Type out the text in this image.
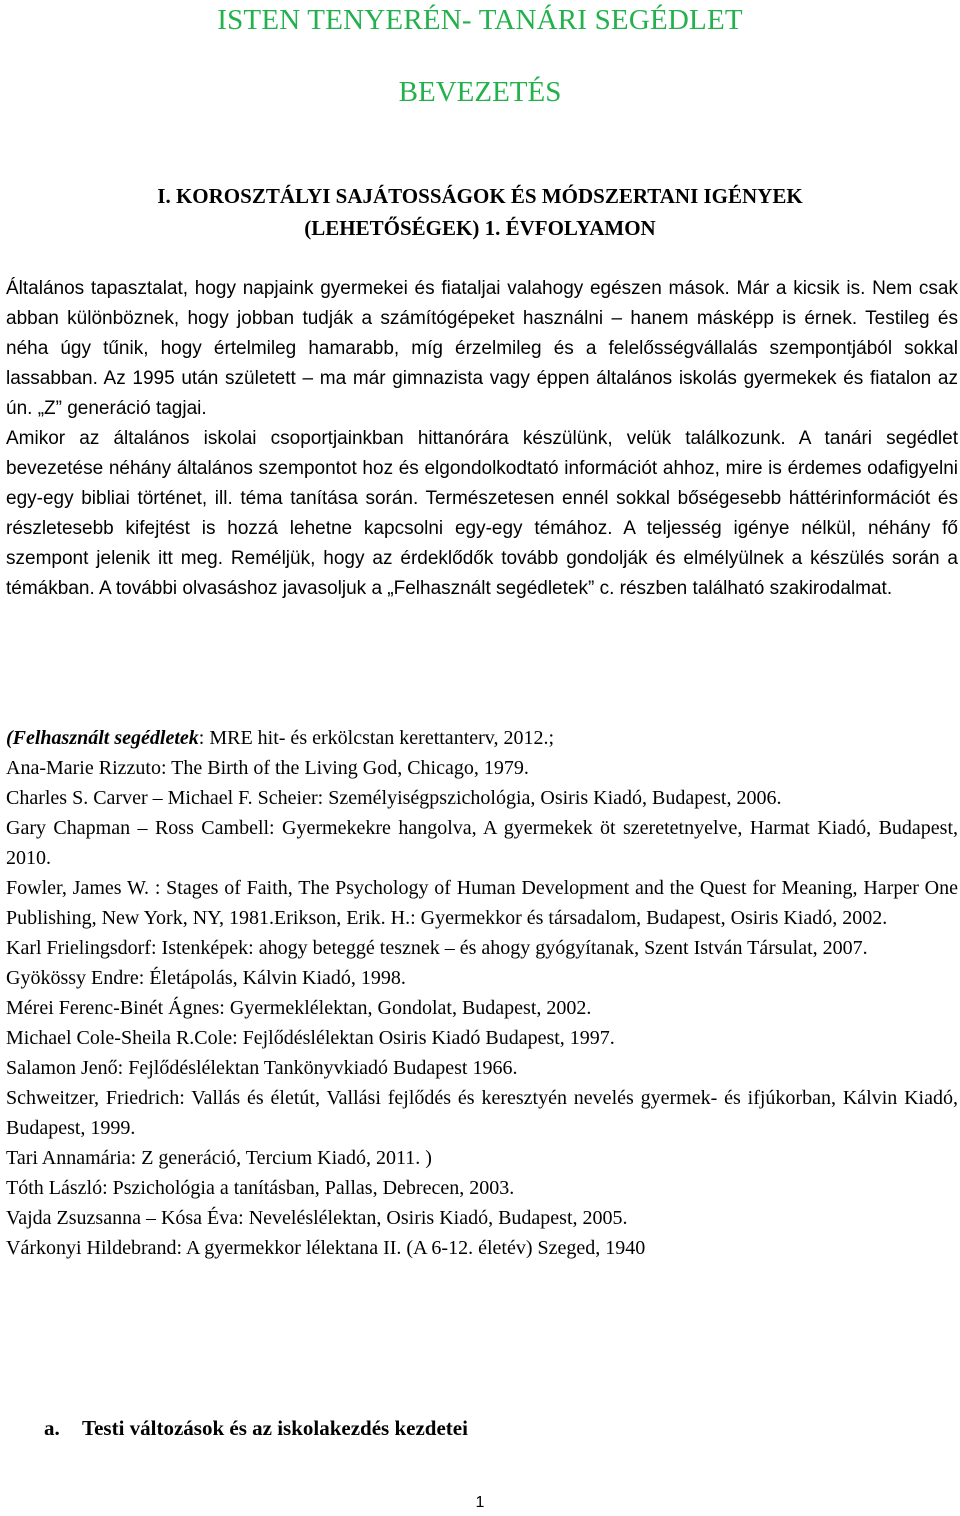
ISTEN TENYERÉN- TANÁRI SEGÉDLET
BEVEZETÉS
I. KOROSZTÁLYI SAJÁTOSSÁGOK ÉS MÓDSZERTANI IGÉNYEK
(LEHETŐSÉGEK) 1. ÉVFOLYAMON

Általános tapasztalat, hogy napjaink gyermekei és fiataljai valahogy egészen mások. Már a kicsik is. Nem csak abban különböznek, hogy jobban tudják a számítógépeket használni – hanem másképp is érnek. Testileg és néha úgy tűnik, hogy értelmileg hamarabb, míg érzelmileg és a felelősségvállalás szempontjából sokkal lassabban. Az 1995 után született – ma már gimnazista vagy éppen általános iskolás gyermekek és fiatalon az ún. „Z” generáció tagjai.

Amikor az általános iskolai csoportjainkban hittanórára készülünk, velük találkozunk. A tanári segédlet bevezetése néhány általános szempontot hoz és elgondolkodtató információt ahhoz, mire is érdemes odafigyelni egy-egy bibliai történet, ill. téma tanítása során. Természetesen ennél sokkal bőségesebb háttérinformációt és részletesebb kifejtést is hozzá lehetne kapcsolni egy-egy témához. A teljesség igénye nélkül, néhány fő szempont jelenik itt meg. Reméljük, hogy az érdeklődők tovább gondolják és elmélyülnek a készülés során a témákban. A további olvasáshoz javasoljuk a „Felhasznált segédletek” c. részben található szakirodalmat.

(Felhasznált segédletek: MRE hit- és erkölcstan kerettanterv, 2012.;
Ana-Marie Rizzuto: The Birth of the Living God, Chicago, 1979.
Charles S. Carver – Michael F. Scheier: Személyiségpszichológia, Osiris Kiadó, Budapest, 2006.
Gary Chapman – Ross Cambell: Gyermekekre hangolva, A gyermekek öt szeretetnyelve, Harmat Kiadó, Budapest, 2010.
Fowler, James W. : Stages of Faith, The Psychology of Human Development and the Quest for Meaning, Harper One Publishing, New York, NY, 1981.Erikson, Erik. H.: Gyermekkor és társadalom, Budapest, Osiris Kiadó, 2002.
Karl Frielingsdorf: Istenképek: ahogy beteggé tesznek – és ahogy gyógyítanak, Szent István Társulat, 2007.
Gyökössy Endre: Életápolás, Kálvin Kiadó, 1998.
Mérei Ferenc-Binét Ágnes: Gyermeklélektan, Gondolat, Budapest, 2002.
Michael Cole-Sheila R.Cole: Fejlődéslélektan Osiris Kiadó Budapest, 1997.
Salamon Jenő: Fejlődéslélektan Tankönyvkiadó Budapest 1966.
Schweitzer, Friedrich: Vallás és életút, Vallási fejlődés és keresztyén nevelés gyermek- és ifjúkorban, Kálvin Kiadó, Budapest, 1999.
Tari Annamária: Z generáció, Tercium Kiadó, 2011. )
Tóth László: Pszichológia a tanításban, Pallas, Debrecen, 2003.
Vajda Zsuzsanna – Kósa Éva: Neveléslélektan, Osiris Kiadó, Budapest, 2005.
Várkonyi Hildebrand: A gyermekkor lélektana II. (A 6-12. életév) Szeged, 1940
a. Testi változások és az iskolakezdés kezdetei
1
